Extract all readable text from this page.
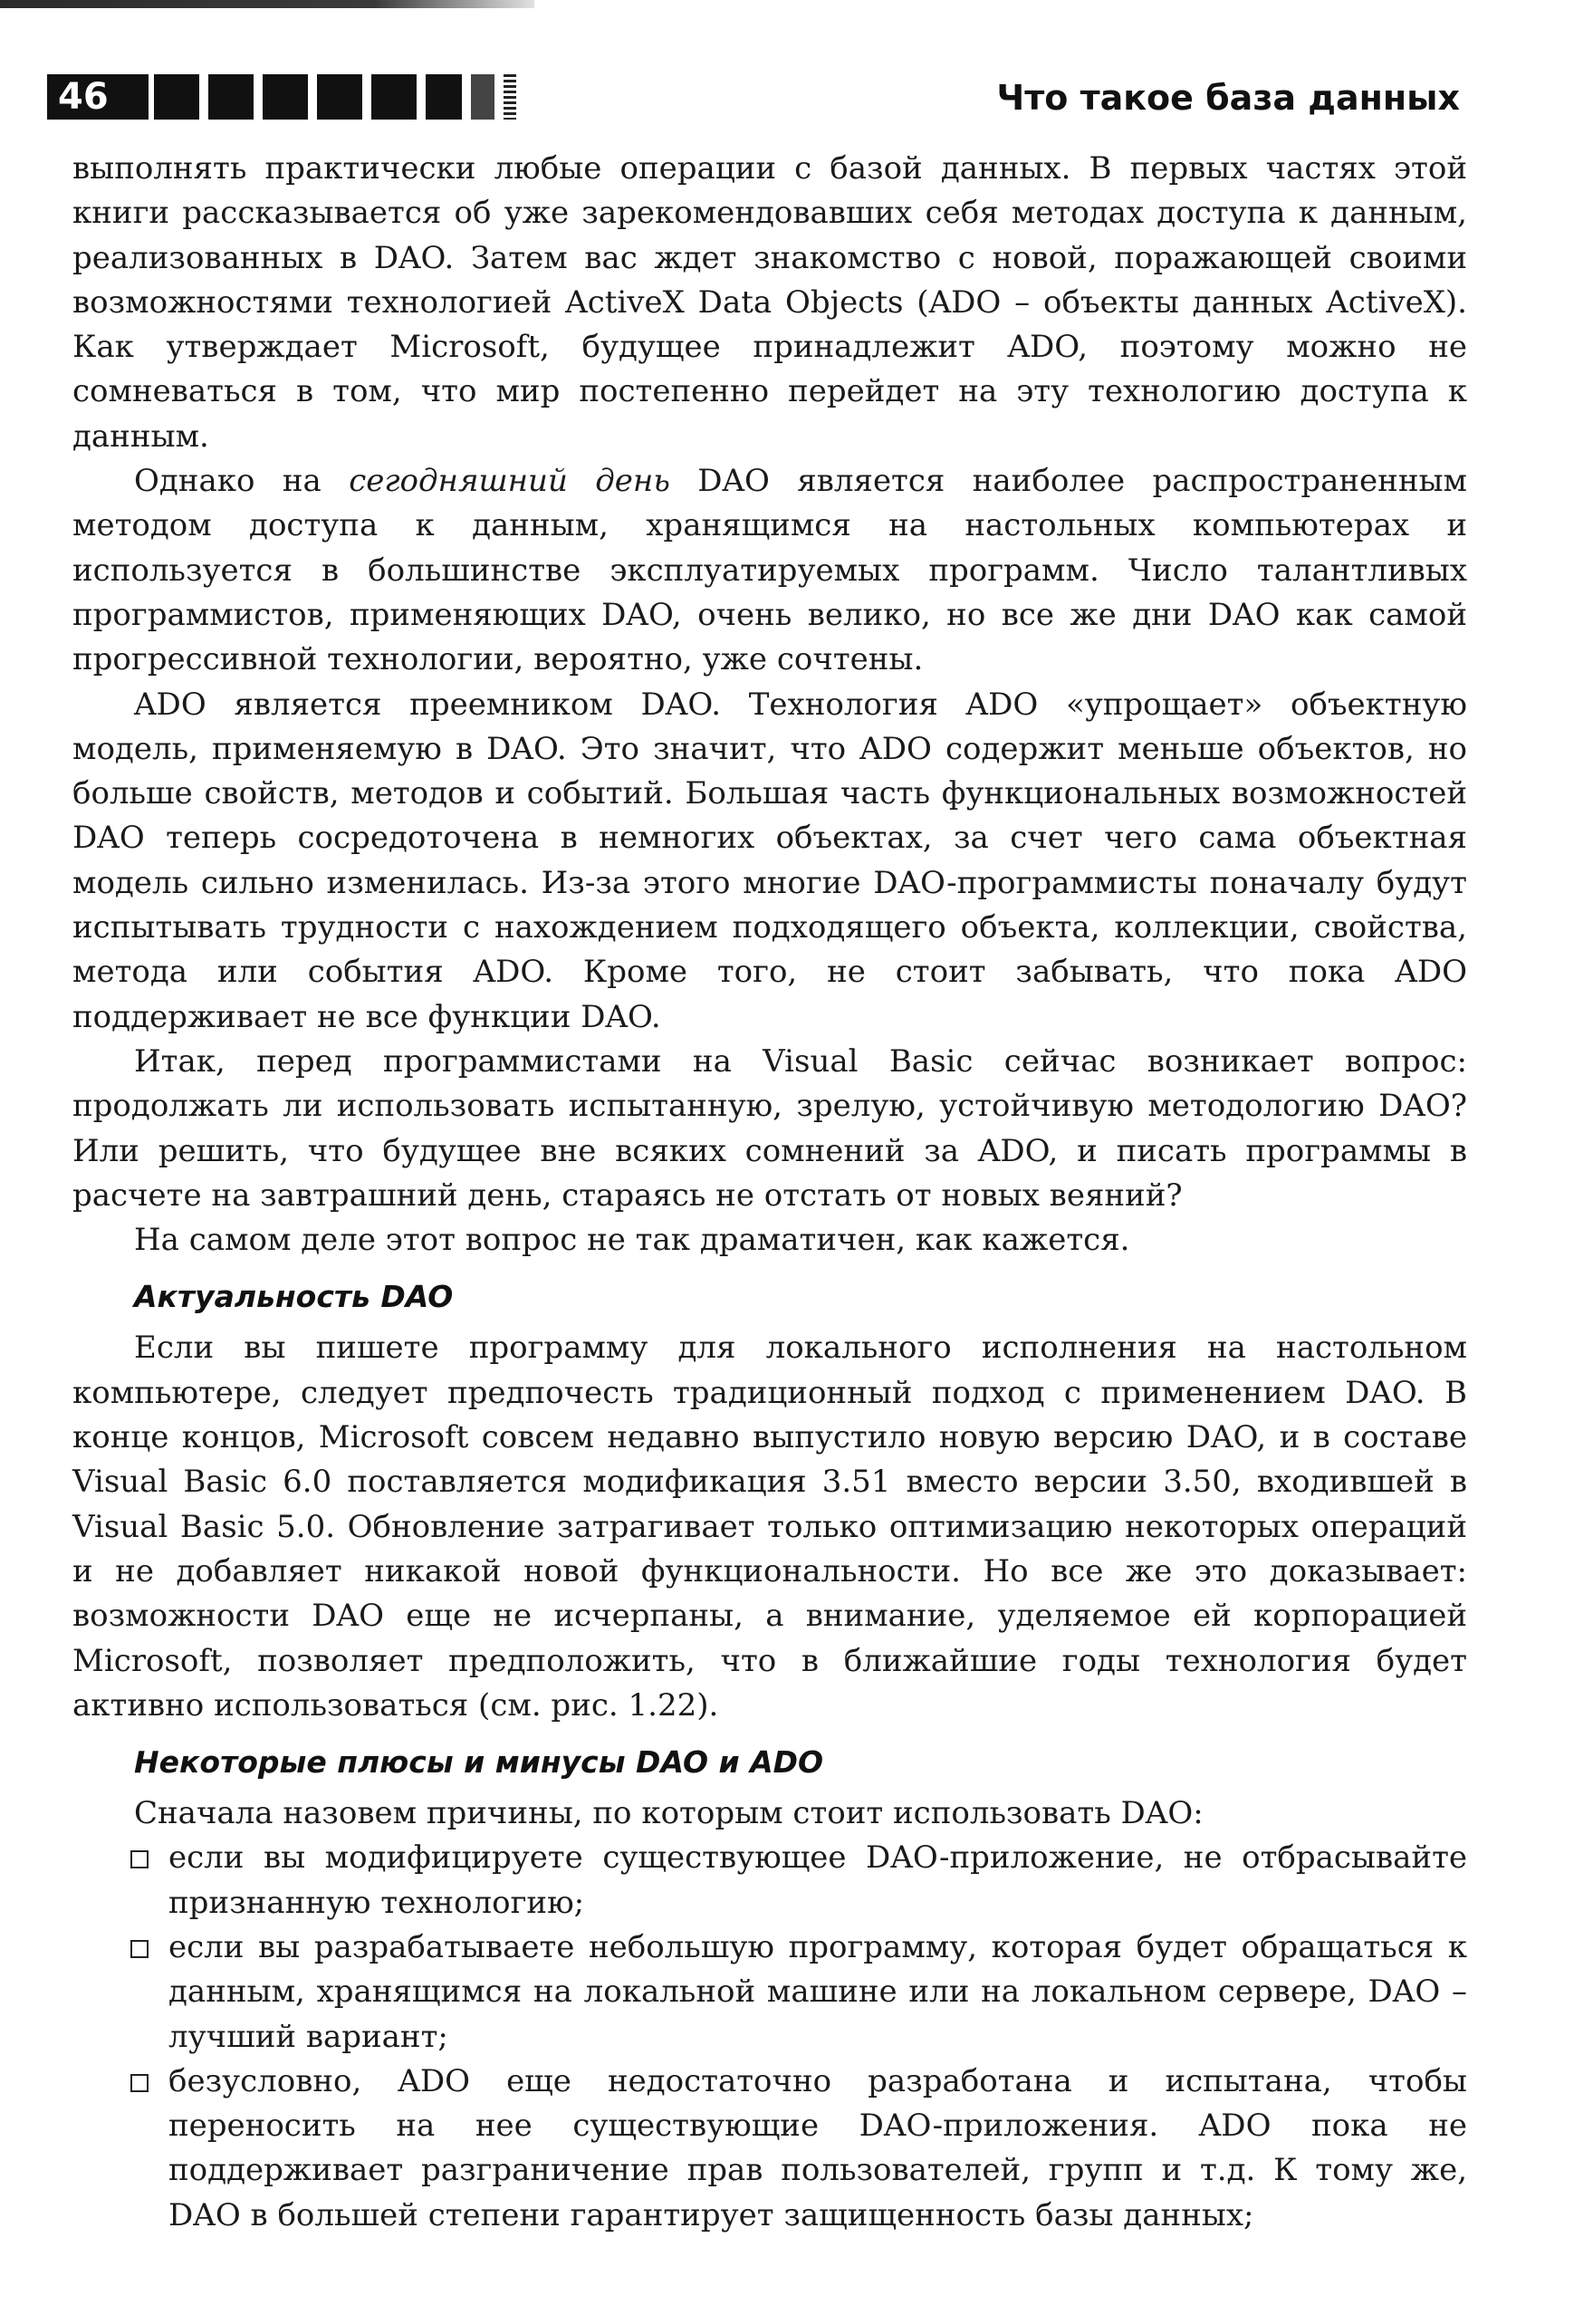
46	Что такое база данных

выполнять практически любые операции с базой данных. В первых частях этой книги рассказывается об уже зарекомендовавших себя методах доступа к данным, реализованных в DAO. Затем вас ждет знакомство с новой, поражающей своими возможностями технологией ActiveX Data Objects (ADO – объекты данных ActiveX). Как утверждает Microsoft, будущее принадлежит ADO, поэтому можно не сомневаться в том, что мир постепенно перейдет на эту технологию доступа к данным.

Однако на сегодняшний день DAO является наиболее распространенным методом доступа к данным, хранящимся на настольных компьютерах и используется в большинстве эксплуатируемых программ. Число талантливых программистов, применяющих DAO, очень велико, но все же дни DAO как самой прогрессивной технологии, вероятно, уже сочтены.

ADO является преемником DAO. Технология ADO «упрощает» объектную модель, применяемую в DAO. Это значит, что ADO содержит меньше объектов, но больше свойств, методов и событий. Большая часть функциональных возможностей DAO теперь сосредоточена в немногих объектах, за счет чего сама объектная модель сильно изменилась. Из-за этого многие DAO-программисты поначалу будут испытывать трудности с нахождением подходящего объекта, коллекции, свойства, метода или события ADO. Кроме того, не стоит забывать, что пока ADO поддерживает не все функции DAO.

Итак, перед программистами на Visual Basic сейчас возникает вопрос: продолжать ли использовать испытанную, зрелую, устойчивую методологию DAO? Или решить, что будущее вне всяких сомнений за ADO, и писать программы в расчете на завтрашний день, стараясь не отстать от новых веяний?

На самом деле этот вопрос не так драматичен, как кажется.

Актуальность DAO

Если вы пишете программу для локального исполнения на настольном компьютере, следует предпочесть традиционный подход с применением DAO. В конце концов, Microsoft совсем недавно выпустило новую версию DAO, и в составе Visual Basic 6.0 поставляется модификация 3.51 вместо версии 3.50, входившей в Visual Basic 5.0. Обновление затрагивает только оптимизацию некоторых операций и не добавляет никакой новой функциональности. Но все же это доказывает: возможности DAO еще не исчерпаны, а внимание, уделяемое ей корпорацией Microsoft, позволяет предположить, что в ближайшие годы технология будет активно использоваться (см. рис. 1.22).

Некоторые плюсы и минусы DAO и ADO

Сначала назовем причины, по которым стоит использовать DAO:

если вы модифицируете существующее DAO-приложение, не отбрасывайте признанную технологию;
если вы разрабатываете небольшую программу, которая будет обращаться к данным, хранящимся на локальной машине или на локальном сервере, DAO – лучший вариант;
безусловно, ADO еще недостаточно разработана и испытана, чтобы переносить на нее существующие DAO-приложения. ADO пока не поддерживает разграничение прав пользователей, групп и т.д. К тому же, DAO в большей степени гарантирует защищенность базы данных;
